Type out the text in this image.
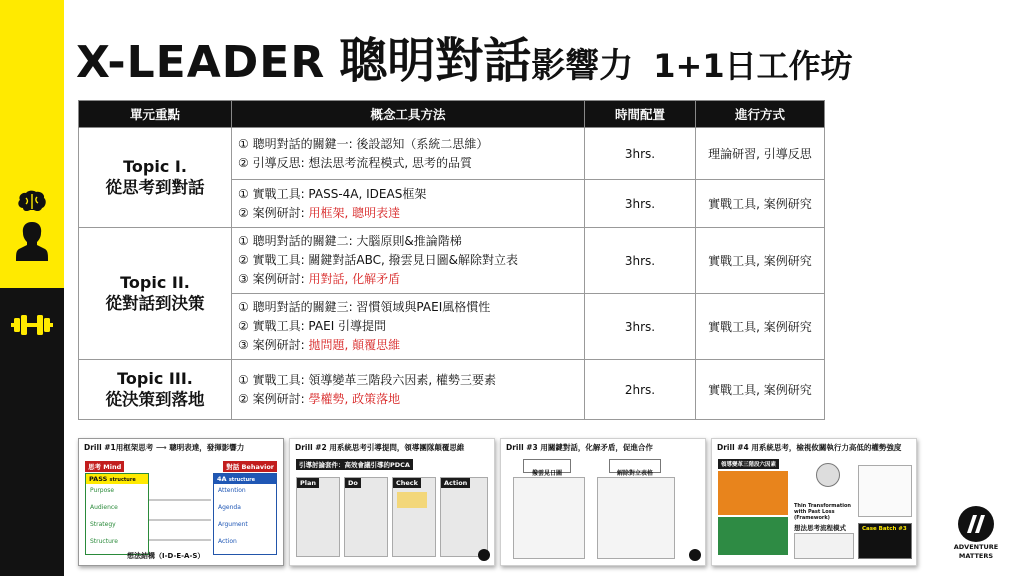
X-LEADER 聰明對話 影響力 1+1日工作坊
單元重點	概念工具方法	時間配置	進行方式

Topic I.
從思考到對話	① 聰明對話的關鍵一: 後設認知（系統二思維）
② 引導反思: 想法思考流程模式, 思考的品質	3hrs.	理論研習, 引導反思

	① 實戰工具: PASS-4A, IDEAS框架
② 案例研討: 用框架, 聰明表達	3hrs.	實戰工具, 案例研究

Topic II.
從對話到決策	① 聰明對話的關鍵二: 大腦原則&推論階梯
② 實戰工具: 關鍵對話ABC, 撥雲見日圖&解除對立表
③ 案例研討: 用對話, 化解矛盾	3hrs.	實戰工具, 案例研究

	① 聰明對話的關鍵三: 習慣領域與PAEI風格慣性
② 實戰工具: PAEI 引導提問
③ 案例研討: 拋問題, 顛覆思維	3hrs.	實戰工具, 案例研究

Topic III.
從決策到落地	① 實戰工具: 領導變革三階段六因素, 權勢三要素
② 案例研討: 學權勢, 政策落地	2hrs.	實戰工具, 案例研究
Drill #1用框架思考 ⟶ 聰明表達，發揮影響力
思考 Mind	對話 Behavior
PASS structure
Purpose
Audience
Strategy
Structure
4A structure
Attention
Agenda
Argument
Action
想法結構（I-D-E-A-S）
Drill #2 用系統思考引導提問，領導團隊顛覆思維
引導討論套件：高效會議引導的PDCA
Plan	Do	Check	Action
Drill #3 用關鍵對話，化解矛盾，促進合作
撥雲見日圖	解除對立表格
Drill #4 用系統思考，檢視攸關執行力高低的權勢強度
領導變革三階段六因素
Thin Transformation with Past Loss (Framework)
想法思考流程模式	Case Batch #3
ADVENTURE
MATTERS
